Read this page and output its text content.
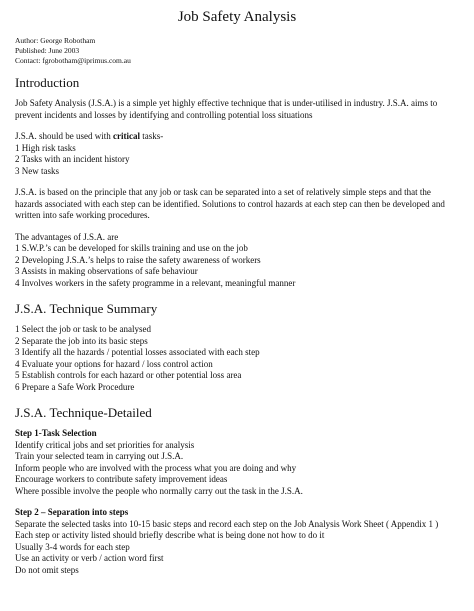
Job Safety Analysis
Author: George Robotham
Published: June 2003
Contact: fgrobotham@iprimus.com.au
Introduction

Job Safety Analysis (J.S.A.) is a simple yet highly effective technique that is under-utilised in industry. J.S.A. aims to prevent incidents and losses by identifying and controlling potential loss situations

J.S.A. should be used with critical tasks-
1 High risk tasks
2 Tasks with an incident history
3 New tasks

J.S.A. is based on the principle that any job or task can be separated into a set of relatively simple steps and that the hazards associated with each step can be identified. Solutions to control hazards at each step can then be developed and written into safe working procedures.

The advantages of J.S.A. are
1 S.W.P.’s can be developed for skills training and use on the job
2 Developing J.S.A.’s helps to raise the safety awareness of workers
3 Assists in making observations of safe behaviour
4 Involves workers in the safety programme in a relevant, meaningful manner
J.S.A. Technique Summary
1 Select the job or task to be analysed
2 Separate the job into its basic steps
3 Identify all the hazards / potential losses associated with each step
4 Evaluate your options for hazard / loss control action
5 Establish controls for each hazard or other potential loss area
6 Prepare a Safe Work Procedure
J.S.A. Technique-Detailed
Step 1-Task Selection
Identify critical jobs and set priorities for analysis
Train your selected team in carrying out J.S.A.
Inform people who are involved with the process what you are doing and why
Encourage workers to contribute safety improvement ideas
Where possible involve the people who normally carry out the task in the J.S.A.
Step 2 – Separation into steps
Separate the selected tasks into 10-15 basic steps and record each step on the Job Analysis Work Sheet ( Appendix 1 )
Each step or activity listed should briefly describe what is being done not how to do it
Usually 3-4 words for each step
Use an activity or verb / action word first
Do not omit steps
